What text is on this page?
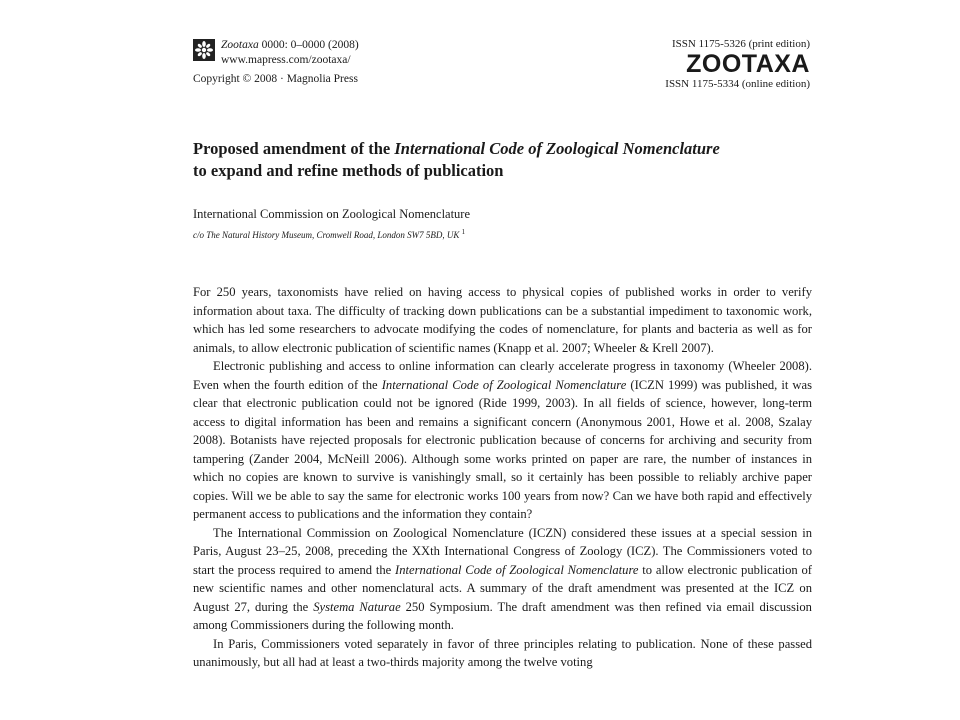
Zootaxa 0000: 0–0000 (2008)
www.mapress.com/zootaxa/
Copyright © 2008 · Magnolia Press
ISSN 1175-5326 (print edition)
ZOOTAXA
ISSN 1175-5334 (online edition)
Proposed amendment of the International Code of Zoological Nomenclature
to expand and refine methods of publication
International Commission on Zoological Nomenclature
c/o The Natural History Museum, Cromwell Road, London SW7 5BD, UK $^1$

For 250 years, taxonomists have relied on having access to physical copies of published works in order to verify information about taxa. The difficulty of tracking down publications can be a substantial impediment to taxonomic work, which has led some researchers to advocate modifying the codes of nomenclature, for plants and bacteria as well as for animals, to allow electronic publication of scientific names (Knapp et al. 2007; Wheeler & Krell 2007).

Electronic publishing and access to online information can clearly accelerate progress in taxonomy (Wheeler 2008). Even when the fourth edition of the International Code of Zoological Nomenclature (ICZN 1999) was published, it was clear that electronic publication could not be ignored (Ride 1999, 2003). In all fields of science, however, long-term access to digital information has been and remains a significant concern (Anonymous 2001, Howe et al. 2008, Szalay 2008). Botanists have rejected proposals for electronic publication because of concerns for archiving and security from tampering (Zander 2004, McNeill 2006). Although some works printed on paper are rare, the number of instances in which no copies are known to survive is vanishingly small, so it certainly has been possible to reliably archive paper copies. Will we be able to say the same for electronic works 100 years from now? Can we have both rapid and effectively permanent access to publications and the information they contain?

The International Commission on Zoological Nomenclature (ICZN) considered these issues at a special session in Paris, August 23–25, 2008, preceding the XXth International Congress of Zoology (ICZ). The Commissioners voted to start the process required to amend the International Code of Zoological Nomenclature to allow electronic publication of new scientific names and other nomenclatural acts. A summary of the draft amendment was presented at the ICZ on August 27, during the Systema Naturae 250 Symposium. The draft amendment was then refined via email discussion among Commissioners during the following month.

In Paris, Commissioners voted separately in favor of three principles relating to publication. None of these passed unanimously, but all had at least a two-thirds majority among the twelve voting
